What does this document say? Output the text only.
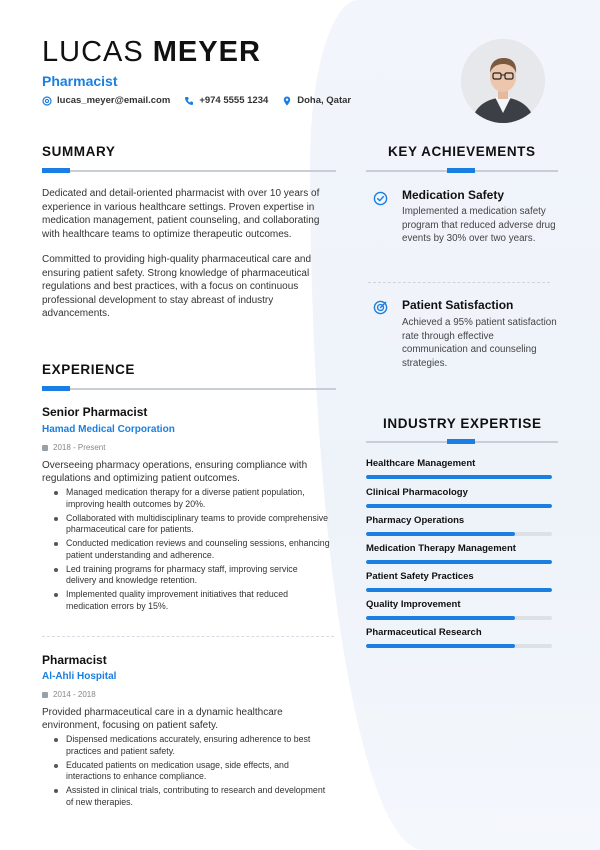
LUCAS MEYER
Pharmacist
lucas_meyer@email.com	+974 5555 1234	Doha, Qatar
SUMMARY

Dedicated and detail-oriented pharmacist with over 10 years of experience in various healthcare settings. Proven expertise in medication management, patient counseling, and collaborating with healthcare teams to optimize therapeutic outcomes.

Committed to providing high-quality pharmaceutical care and ensuring patient safety. Strong knowledge of pharmaceutical regulations and best practices, with a focus on continuous professional development to stay abreast of industry advancements.

EXPERIENCE
Senior Pharmacist
Hamad Medical Corporation
2018 - Present

Overseeing pharmacy operations, ensuring compliance with regulations and optimizing patient outcomes.

Managed medication therapy for a diverse patient population, improving health outcomes by 20%.
Collaborated with multidisciplinary teams to provide comprehensive pharmaceutical care for patients.
Conducted medication reviews and counseling sessions, enhancing patient understanding and adherence.
Led training programs for pharmacy staff, improving service delivery and knowledge retention.
Implemented quality improvement initiatives that reduced medication errors by 15%.
Pharmacist
Al-Ahli Hospital
2014 - 2018

Provided pharmaceutical care in a dynamic healthcare environment, focusing on patient safety.

Dispensed medications accurately, ensuring adherence to best practices and patient safety.
Educated patients on medication usage, side effects, and interactions to enhance compliance.
Assisted in clinical trials, contributing to research and development of new therapies.
KEY ACHIEVEMENTS
Medication Safety

Implemented a medication safety program that reduced adverse drug events by 30% over two years.

Patient Satisfaction

Achieved a 95% patient satisfaction rate through effective communication and counseling strategies.

INDUSTRY EXPERTISE
Healthcare Management
Clinical Pharmacology
Pharmacy Operations
Medication Therapy Management
Patient Safety Practices
Quality Improvement
Pharmaceutical Research
